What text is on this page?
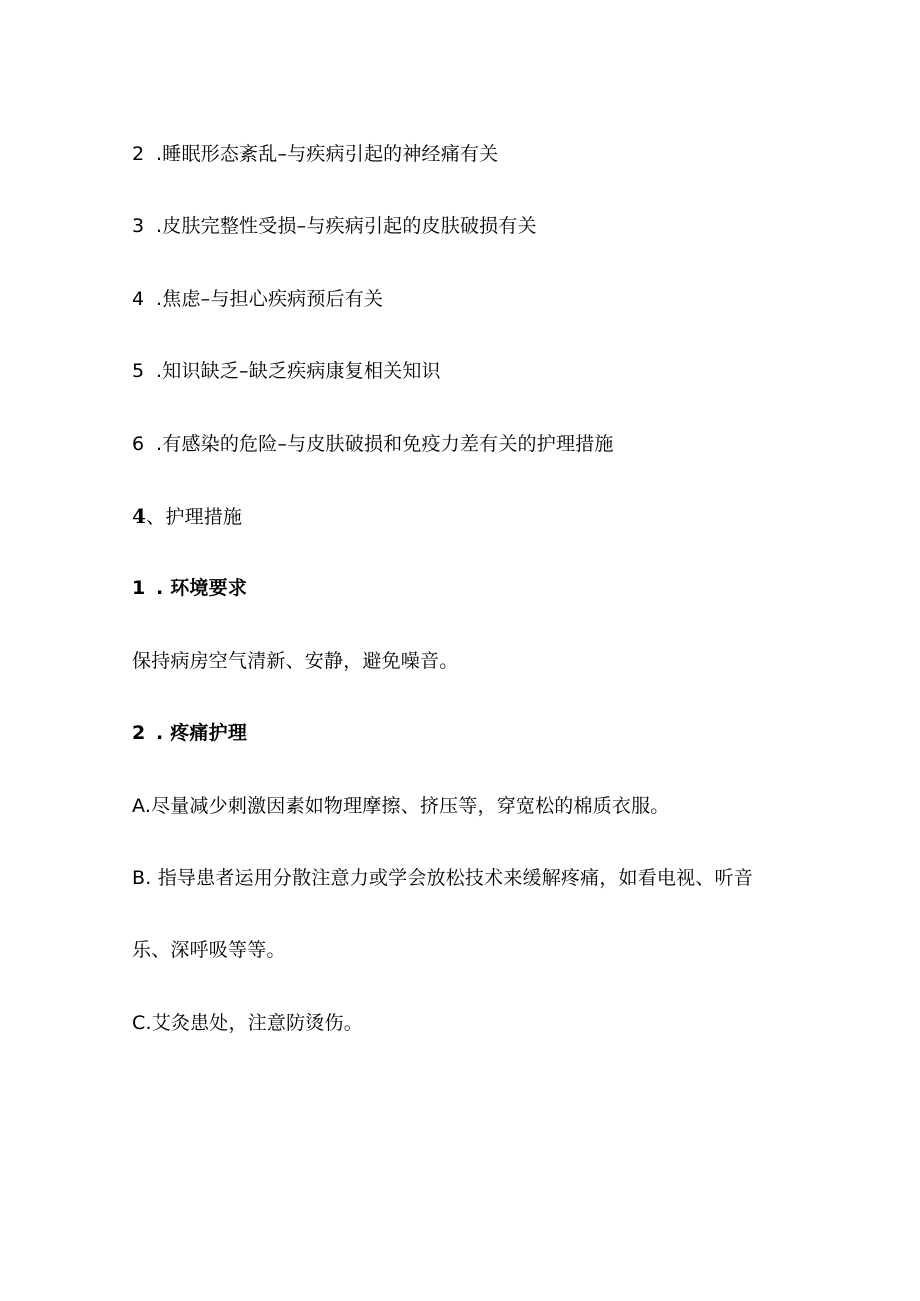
2 .睡眠形态紊乱–与疾病引起的神经痛有关
3 .皮肤完整性受损–与疾病引起的皮肤破损有关
4 .焦虑–与担心疾病预后有关
5 .知识缺乏–缺乏疾病康复相关知识
6 .有感染的危险–与皮肤破损和免疫力差有关的护理措施
4、护理措施
1 . 环境要求
保持病房空气清新、安静，避免噪音。
2 . 疼痛护理
A.尽量减少刺激因素如物理摩擦、挤压等，穿宽松的棉质衣服。
B. 指导患者运用分散注意力或学会放松技术来缓解疼痛，如看电视、听音
乐、深呼吸等等。
C.艾灸患处，注意防烫伤。
